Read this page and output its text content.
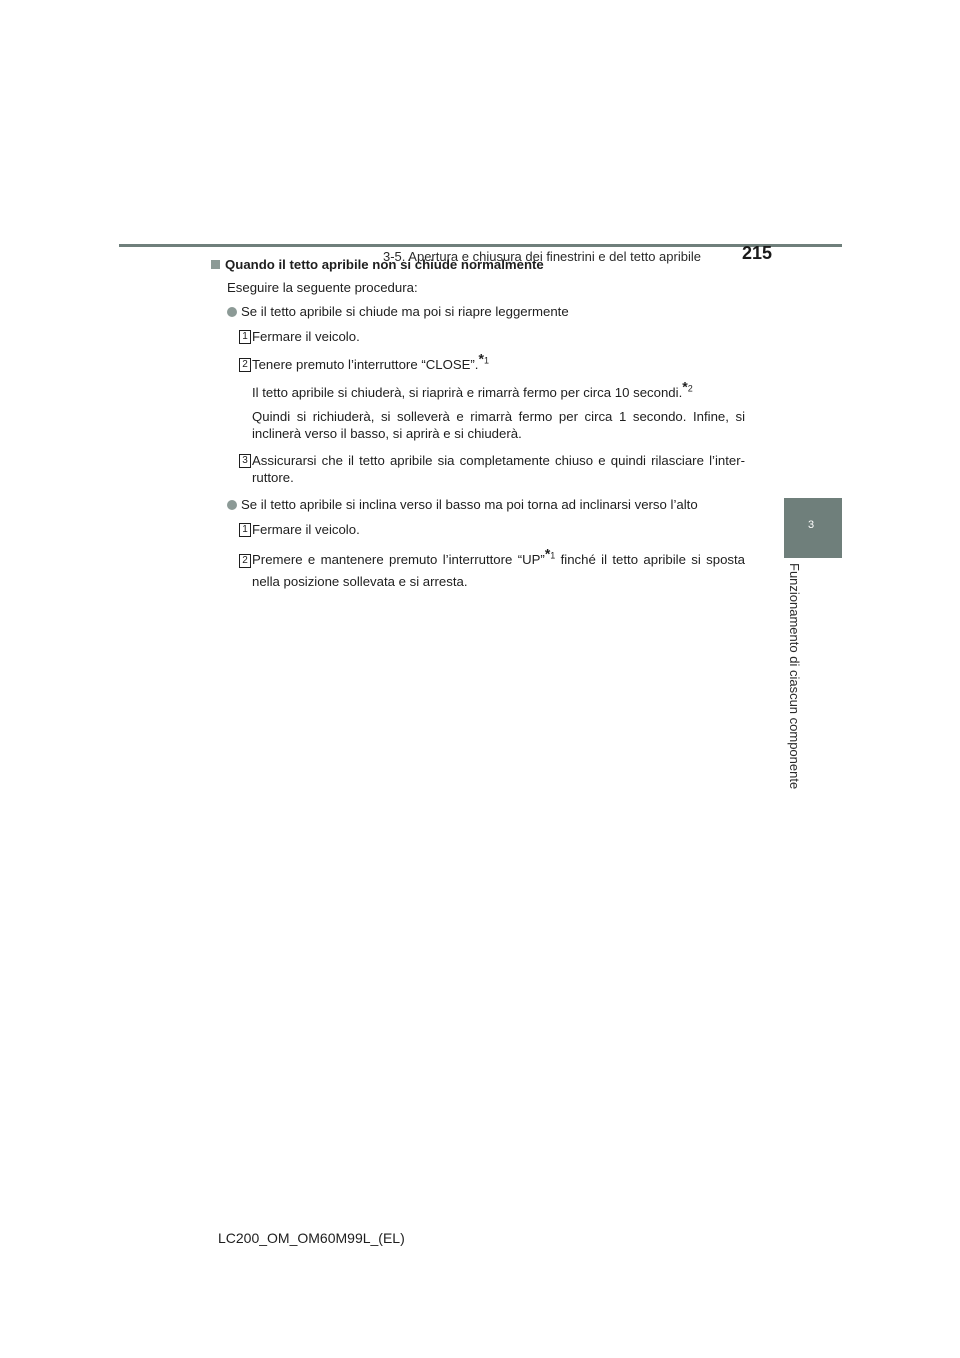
3-5. Apertura e chiusura dei finestrini e del tetto apribile 215
3
Funzionamento di ciascun componente
Quando il tetto apribile non si chiude normalmente
Eseguire la seguente procedura:
Se il tetto apribile si chiude ma poi si riapre leggermente
1 Fermare il veicolo.
2 Tenere premuto l’interruttore “CLOSE”.*$^1$
Il tetto apribile si chiuderà, si riaprirà e rimarrà fermo per circa 10 secondi.*$^2$
Quindi si richiuderà, si solleverà e rimarrà fermo per circa 1 secondo. Infine, si inclinerà verso il basso, si aprirà e si chiuderà.
3 Assicurarsi che il tetto apribile sia completamente chiuso e quindi rilasciare l’inter-ruttore.
Se il tetto apribile si inclina verso il basso ma poi torna ad inclinarsi verso l’alto
1 Fermare il veicolo.
2 Premere e mantenere premuto l’interruttore “UP”*$^1$ finché il tetto apribile si sposta nella posizione sollevata e si arresta.
LC200_OM_OM60M99L_(EL)
